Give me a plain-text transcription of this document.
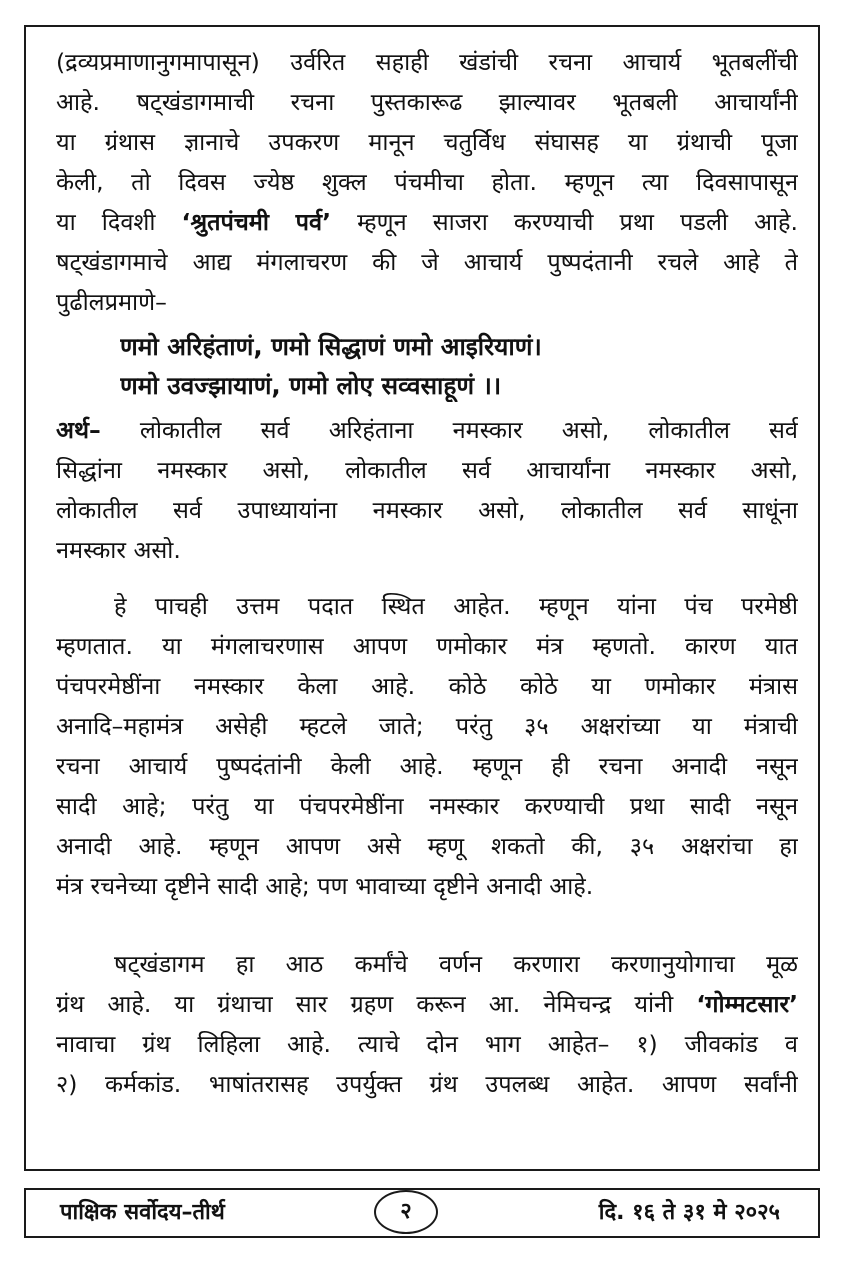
(द्रव्यप्रमाणानुगमापासून) उर्वरित सहाही खंडांची रचना आचार्य भूतबलींची
आहे. षट्खंडागमाची रचना पुस्तकारूढ झाल्यावर भूतबली आचार्यांनी
या ग्रंथास ज्ञानाचे उपकरण मानून चतुर्विध संघासह या ग्रंथाची पूजा
केली, तो दिवस ज्येष्ठ शुक्ल पंचमीचा होता. म्हणून त्या दिवसापासून
या दिवशी ‘श्रुतपंचमी पर्व’ म्हणून साजरा करण्याची प्रथा पडली आहे.
षट्खंडागमाचे आद्य मंगलाचरण की जे आचार्य पुष्पदंतानी रचले आहे ते
पुढीलप्रमाणे–
णमो अरिहंताणं, णमो सिद्धाणं णमो आइरियाणं।
णमो उवज्झायाणं, णमो लोए सव्वसाहूणं ।।
अर्थ– लोकातील सर्व अरिहंताना नमस्कार असो, लोकातील सर्व
सिद्धांना नमस्कार असो, लोकातील सर्व आचार्यांना नमस्कार असो,
लोकातील सर्व उपाध्यायांना नमस्कार असो, लोकातील सर्व साधूंना
नमस्कार असो.
हे पाचही उत्तम पदात स्थित आहेत. म्हणून यांना पंच परमेष्ठी
म्हणतात. या मंगलाचरणास आपण णमोकार मंत्र म्हणतो. कारण यात
पंचपरमेष्ठींना नमस्कार केला आहे. कोठे कोठे या णमोकार मंत्रास
अनादि–महामंत्र असेही म्हटले जाते; परंतु ३५ अक्षरांच्या या मंत्राची
रचना आचार्य पुष्पदंतांनी केली आहे. म्हणून ही रचना अनादी नसून
सादी आहे; परंतु या पंचपरमेष्ठींना नमस्कार करण्याची प्रथा सादी नसून
अनादी आहे. म्हणून आपण असे म्हणू शकतो की, ३५ अक्षरांचा हा
मंत्र रचनेच्या दृष्टीने सादी आहे; पण भावाच्या दृष्टीने अनादी आहे.
षट्खंडागम हा आठ कर्मांचे वर्णन करणारा करणानुयोगाचा मूळ
ग्रंथ आहे. या ग्रंथाचा सार ग्रहण करून आ. नेमिचन्द्र यांनी ‘गोम्मटसार’
नावाचा ग्रंथ लिहिला आहे. त्याचे दोन भाग आहेत– १) जीवकांड व
२) कर्मकांड. भाषांतरासह उपर्युक्त ग्रंथ उपलब्ध आहेत. आपण सर्वांनी
पाक्षिक सर्वोदय–तीर्थ	दि. १६ ते ३१ मे २०२५
२
